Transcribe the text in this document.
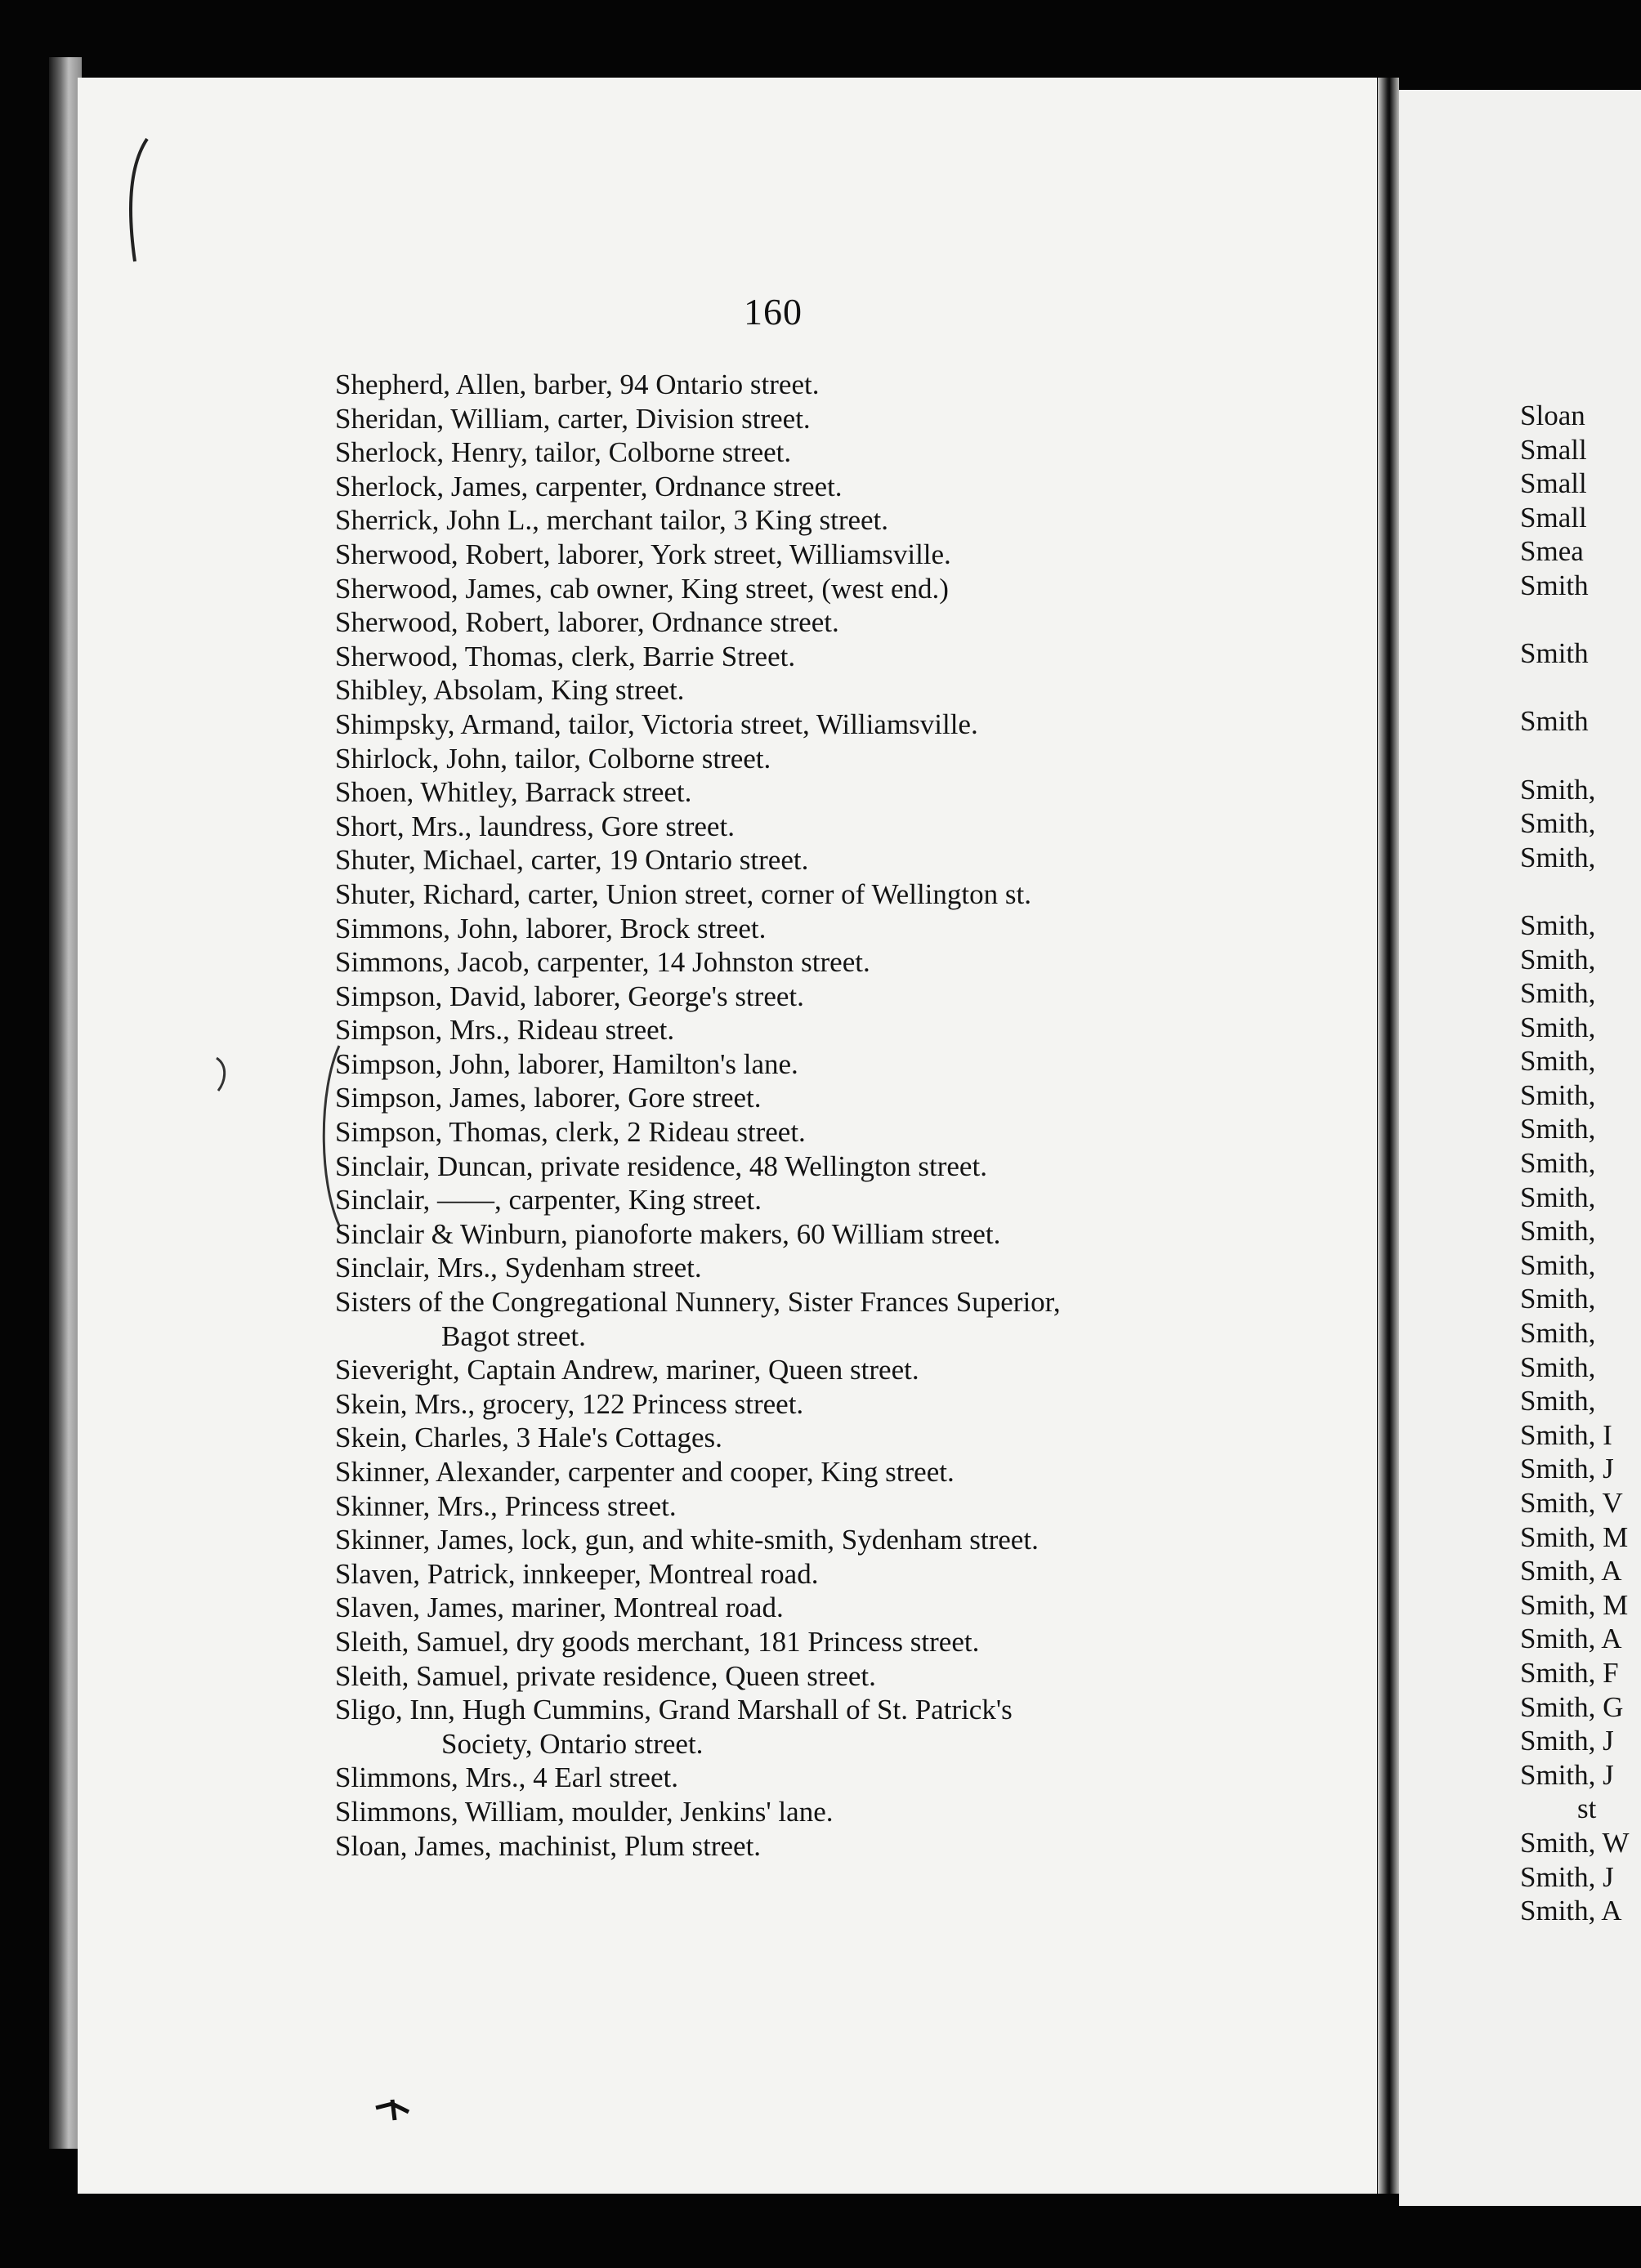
160
Shepherd, Allen, barber, 94 Ontario street.
Sheridan, William, carter, Division street.
Sherlock, Henry, tailor, Colborne street.
Sherlock, James, carpenter, Ordnance street.
Sherrick, John L., merchant tailor, 3 King street.
Sherwood, Robert, laborer, York street, Williamsville.
Sherwood, James, cab owner, King street, (west end.)
Sherwood, Robert, laborer, Ordnance street.
Sherwood, Thomas, clerk, Barrie Street.
Shibley, Absolam, King street.
Shimpsky, Armand, tailor, Victoria street, Williamsville.
Shirlock, John, tailor, Colborne street.
Shoen, Whitley, Barrack street.
Short, Mrs., laundress, Gore street.
Shuter, Michael, carter, 19 Ontario street.
Shuter, Richard, carter, Union street, corner of Wellington st.
Simmons, John, laborer, Brock street.
Simmons, Jacob, carpenter, 14 Johnston street.
Simpson, David, laborer, George's street.
Simpson, Mrs., Rideau street.
Simpson, John, laborer, Hamilton's lane.
Simpson, James, laborer, Gore street.
Simpson, Thomas, clerk, 2 Rideau street.
Sinclair, Duncan, private residence, 48 Wellington street.
Sinclair, ——, carpenter, King street.
Sinclair & Winburn, pianoforte makers, 60 William street.
Sinclair, Mrs., Sydenham street.
Sisters of the Congregational Nunnery, Sister Frances Superior,
Bagot street.
Sieveright, Captain Andrew, mariner, Queen street.
Skein, Mrs., grocery, 122 Princess street.
Skein, Charles, 3 Hale's Cottages.
Skinner, Alexander, carpenter and cooper, King street.
Skinner, Mrs., Princess street.
Skinner, James, lock, gun, and white-smith, Sydenham street.
Slaven, Patrick, innkeeper, Montreal road.
Slaven, James, mariner, Montreal road.
Sleith, Samuel, dry goods merchant, 181 Princess street.
Sleith, Samuel, private residence, Queen street.
Sligo, Inn, Hugh Cummins, Grand Marshall of St. Patrick's
Society, Ontario street.
Slimmons, Mrs., 4 Earl street.
Slimmons, William, moulder, Jenkins' lane.
Sloan, James, machinist, Plum street.
Sloan
Small
Small
Small
Smea
Smith

Smith

Smith

Smith,
Smith,
Smith,

Smith,
Smith,
Smith,
Smith,
Smith,
Smith,
Smith,
Smith,
Smith,
Smith,
Smith,
Smith,
Smith,
Smith,
Smith,
Smith, I
Smith, J
Smith, V
Smith, M
Smith, A
Smith, M
Smith, A
Smith, F
Smith, G
Smith, J
Smith, J
st
Smith, W
Smith, J
Smith, A
